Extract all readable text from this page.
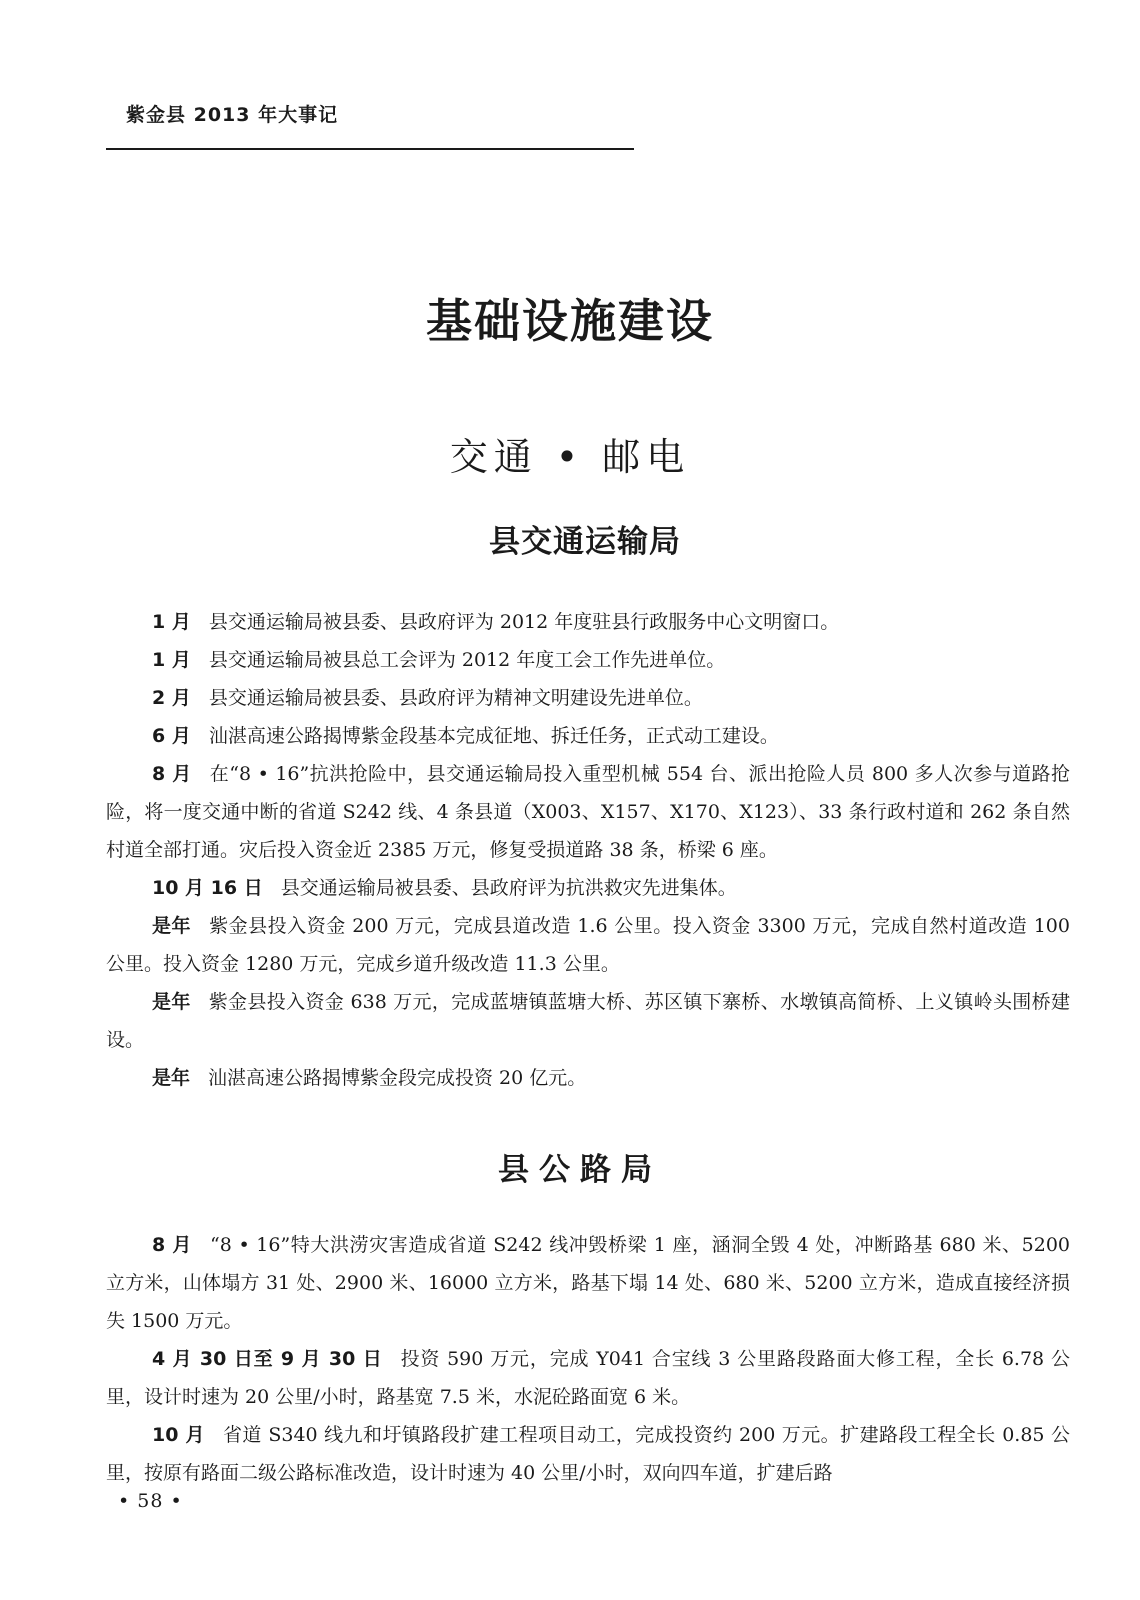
紫金县 2013 年大事记
基础设施建设
交通 • 邮电
县交通运输局

1 月 县交通运输局被县委、县政府评为 2012 年度驻县行政服务中心文明窗口。

1 月 县交通运输局被县总工会评为 2012 年度工会工作先进单位。

2 月 县交通运输局被县委、县政府评为精神文明建设先进单位。

6 月 汕湛高速公路揭博紫金段基本完成征地、拆迁任务，正式动工建设。

8 月 在“8 • 16”抗洪抢险中，县交通运输局投入重型机械 554 台、派出抢险人员 800 多人次参与道路抢险，将一度交通中断的省道 S242 线、4 条县道（X003、X157、X170、X123）、33 条行政村道和 262 条自然村道全部打通。灾后投入资金近 2385 万元，修复受损道路 38 条，桥梁 6 座。

10 月 16 日 县交通运输局被县委、县政府评为抗洪救灾先进集体。

是年 紫金县投入资金 200 万元，完成县道改造 1.6 公里。投入资金 3300 万元，完成自然村道改造 100 公里。投入资金 1280 万元，完成乡道升级改造 11.3 公里。

是年 紫金县投入资金 638 万元，完成蓝塘镇蓝塘大桥、苏区镇下寨桥、水墩镇高简桥、上义镇岭头围桥建设。

是年 汕湛高速公路揭博紫金段完成投资 20 亿元。

县公路局

8 月 “8 • 16”特大洪涝灾害造成省道 S242 线冲毁桥梁 1 座，涵洞全毁 4 处，冲断路基 680 米、5200 立方米，山体塌方 31 处、2900 米、16000 立方米，路基下塌 14 处、680 米、5200 立方米，造成直接经济损失 1500 万元。

4 月 30 日至 9 月 30 日 投资 590 万元，完成 Y041 合宝线 3 公里路段路面大修工程，全长 6.78 公里，设计时速为 20 公里/小时，路基宽 7.5 米，水泥砼路面宽 6 米。

10 月 省道 S340 线九和圩镇路段扩建工程项目动工，完成投资约 200 万元。扩建路段工程全长 0.85 公里，按原有路面二级公路标准改造，设计时速为 40 公里/小时，双向四车道，扩建后路

• 58 •
